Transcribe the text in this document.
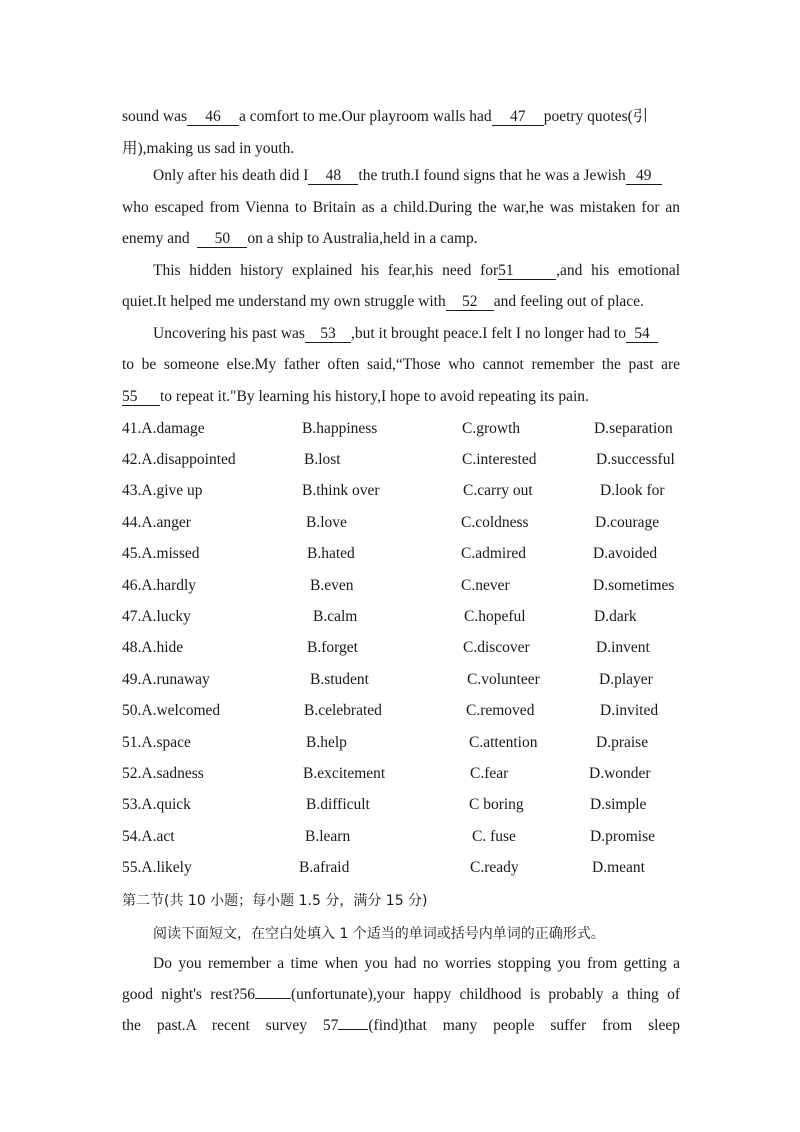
sound was 46 a comfort to me.Our playroom walls had 47 poetry quotes(引
用),making us sad in youth.
Only after his death did I 48 the truth.I found signs that he was a Jewish 49
who escaped from Vienna to Britain as a child.During the war,he was mistaken for an
enemy and 50 on a ship to Australia,held in a camp.
This hidden history explained his fear,his need for51	,and his emotional
quiet.It helped me understand my own struggle with 52 and feeling out of place.
Uncovering his past was 53 ,but it brought peace.I felt I no longer had to 54
to be someone else.My father often said,“Those who cannot remember the past are
55 to repeat it."By learning his history,I hope to avoid repeating its pain.
41.A.damage	B.happiness	C.growth	D.separation
42.A.disappointed	B.lost	C.interested	D.successful
43.A.give up	B.think over	C.carry out	D.look for
44.A.anger	B.love	C.coldness	D.courage
45.A.missed	B.hated	C.admired	D.avoided
46.A.hardly	B.even	C.never	D.sometimes
47.A.lucky	B.calm	C.hopeful	D.dark
48.A.hide	B.forget	C.discover	D.invent
49.A.runaway	B.student	C.volunteer	D.player
50.A.welcomed	B.celebrated	C.removed	D.invited
51.A.space	B.help	C.attention	D.praise
52.A.sadness	B.excitement	C.fear	D.wonder
53.A.quick	B.difficult	C boring	D.simple
54.A.act	B.learn	C. fuse	D.promise
55.A.likely	B.afraid	C.ready	D.meant
第二节(共 10 小题；每小题 1.5 分，满分 15 分)
阅读下面短文，在空白处填入 1 个适当的单词或括号内单词的正确形式。
Do you remember a time when you had no worries stopping you from getting a
good night's rest?56 (unfortunate),your happy childhood is probably a thing of
the past.A recent survey 57 (find)that many people suffer from sleep
